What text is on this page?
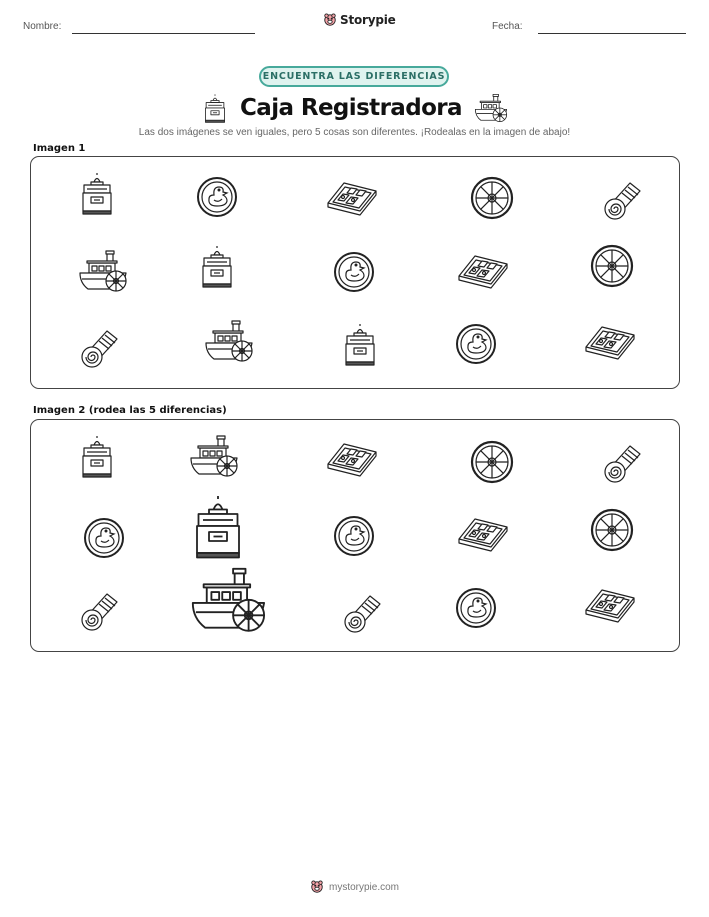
Nombre:	Storypie	Fecha:
ENCUENTRA LAS DIFERENCIAS
Caja Registradora
Las dos imágenes se ven iguales, pero 5 cosas son diferentes. ¡Rodealas en la imagen de abajo!
Imagen 1
Imagen 2 (rodea las 5 diferencias)
mystorypie.com
